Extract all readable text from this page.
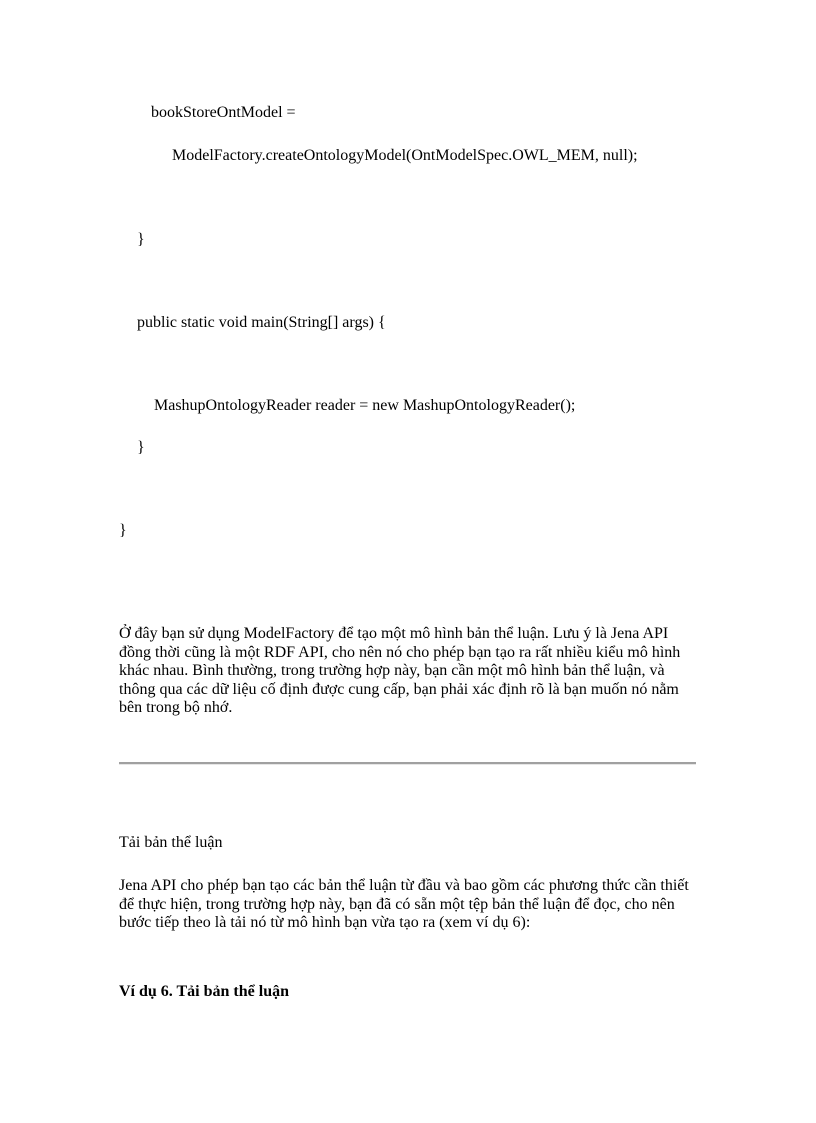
bookStoreOntModel =
ModelFactory.createOntologyModel(OntModelSpec.OWL_MEM, null);
}
public static void main(String[] args) {
MashupOntologyReader reader = new MashupOntologyReader();
}
}
Ở đây bạn sử dụng ModelFactory để tạo một mô hình bản thể luận. Lưu ý là Jena API đồng thời cũng là một RDF API, cho nên nó cho phép bạn tạo ra rất nhiều kiểu mô hình khác nhau. Bình thường, trong trường hợp này, bạn cần một mô hình bản thể luận, và thông qua các dữ liệu cố định được cung cấp, bạn phải xác định rõ là bạn muốn nó nằm bên trong bộ nhớ.
Tải bản thể luận
Jena API cho phép bạn tạo các bản thể luận từ đầu và bao gồm các phương thức cần thiết để thực hiện, trong trường hợp này, bạn đã có sẵn một tệp bản thể luận để đọc, cho nên bước tiếp theo là tải nó từ mô hình bạn vừa tạo ra (xem ví dụ 6):
Ví dụ 6. Tải bản thể luận
